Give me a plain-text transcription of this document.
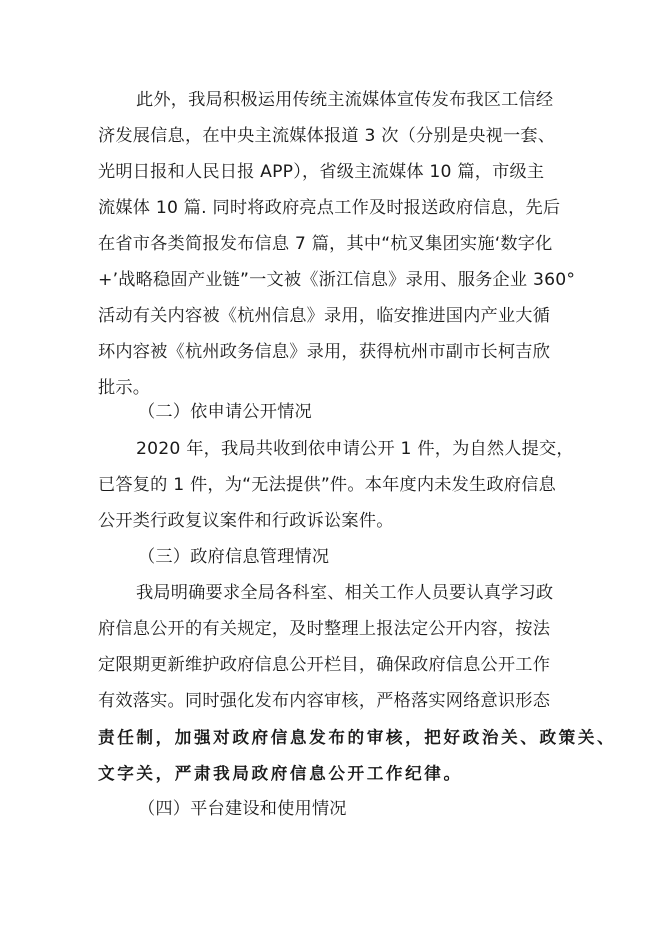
此外，我局积极运用传统主流媒体宣传发布我区工信经
济发展信息，在中央主流媒体报道 3 次（分别是央视一套、
光明日报和人民日报 APP），省级主流媒体 10 篇，市级主
流媒体 10 篇. 同时将政府亮点工作及时报送政府信息，先后
在省市各类简报发布信息 7 篇，其中“杭叉集团实施‘数字化
+’战略稳固产业链”一文被《浙江信息》录用、服务企业 360°
活动有关内容被《杭州信息》录用，临安推进国内产业大循
环内容被《杭州政务信息》录用，获得杭州市副市长柯吉欣
批示。
（二）依申请公开情况
2020 年，我局共收到依申请公开 1 件，为自然人提交，
已答复的 1 件，为“无法提供”件。本年度内未发生政府信息
公开类行政复议案件和行政诉讼案件。
（三）政府信息管理情况
我局明确要求全局各科室、相关工作人员要认真学习政
府信息公开的有关规定，及时整理上报法定公开内容，按法
定限期更新维护政府信息公开栏目，确保政府信息公开工作
有效落实。同时强化发布内容审核，严格落实网络意识形态
责任制，加强对政府信息发布的审核，把好政治关、政策关、
文字关，严肃我局政府信息公开工作纪律。
（四）平台建设和使用情况
